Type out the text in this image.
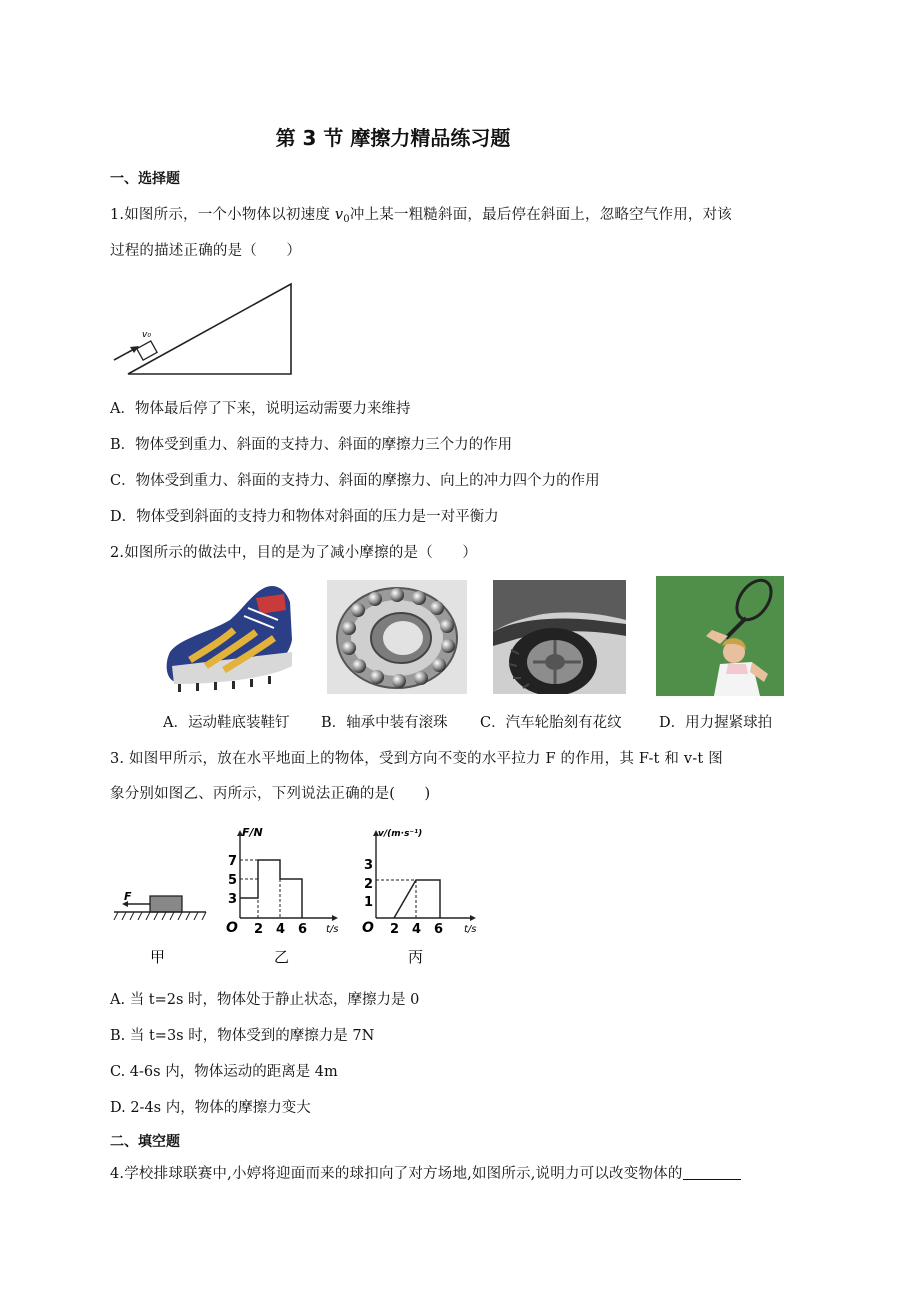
第 3 节 摩擦力精品练习题
一、选择题
1.如图所示，一个小物体以初速度 $v_0$冲上某一粗糙斜面，最后停在斜面上，忽略空气作用，对该
过程的描述正确的是（　　）
v₀
A．物体最后停了下来，说明运动需要力来维持
B．物体受到重力、斜面的支持力、斜面的摩擦力三个力的作用
C．物体受到重力、斜面的支持力、斜面的摩擦力、向上的冲力四个力的作用
D．物体受到斜面的支持力和物体对斜面的压力是一对平衡力
2.如图所示的做法中，目的是为了减小摩擦的是（　　）
A．运动鞋底装鞋钉 B．轴承中装有滚珠 C．汽车轮胎刻有花纹	D．用力握紧球拍
3. 如图甲所示，放在水平地面上的物体，受到方向不变的水平拉力 F 的作用，其 F-t 和 v-t 图
象分别如图乙、丙所示，下列说法正确的是(　　)
F
甲
F/N
t/s
O
7
5
3
2 4 6
乙
v/(m·s⁻¹)
t/s
O
3
2
1
2 4 6
丙
A. 当 t=2s 时，物体处于静止状态，摩擦力是 0
B. 当 t=3s 时，物体受到的摩擦力是 7N
C. 4-6s 内，物体运动的距离是 4m
D. 2-4s 内，物体的摩擦力变大
二、填空题
4.学校排球联赛中,小婷将迎面而来的球扣向了对方场地,如图所示,说明力可以改变物体的
